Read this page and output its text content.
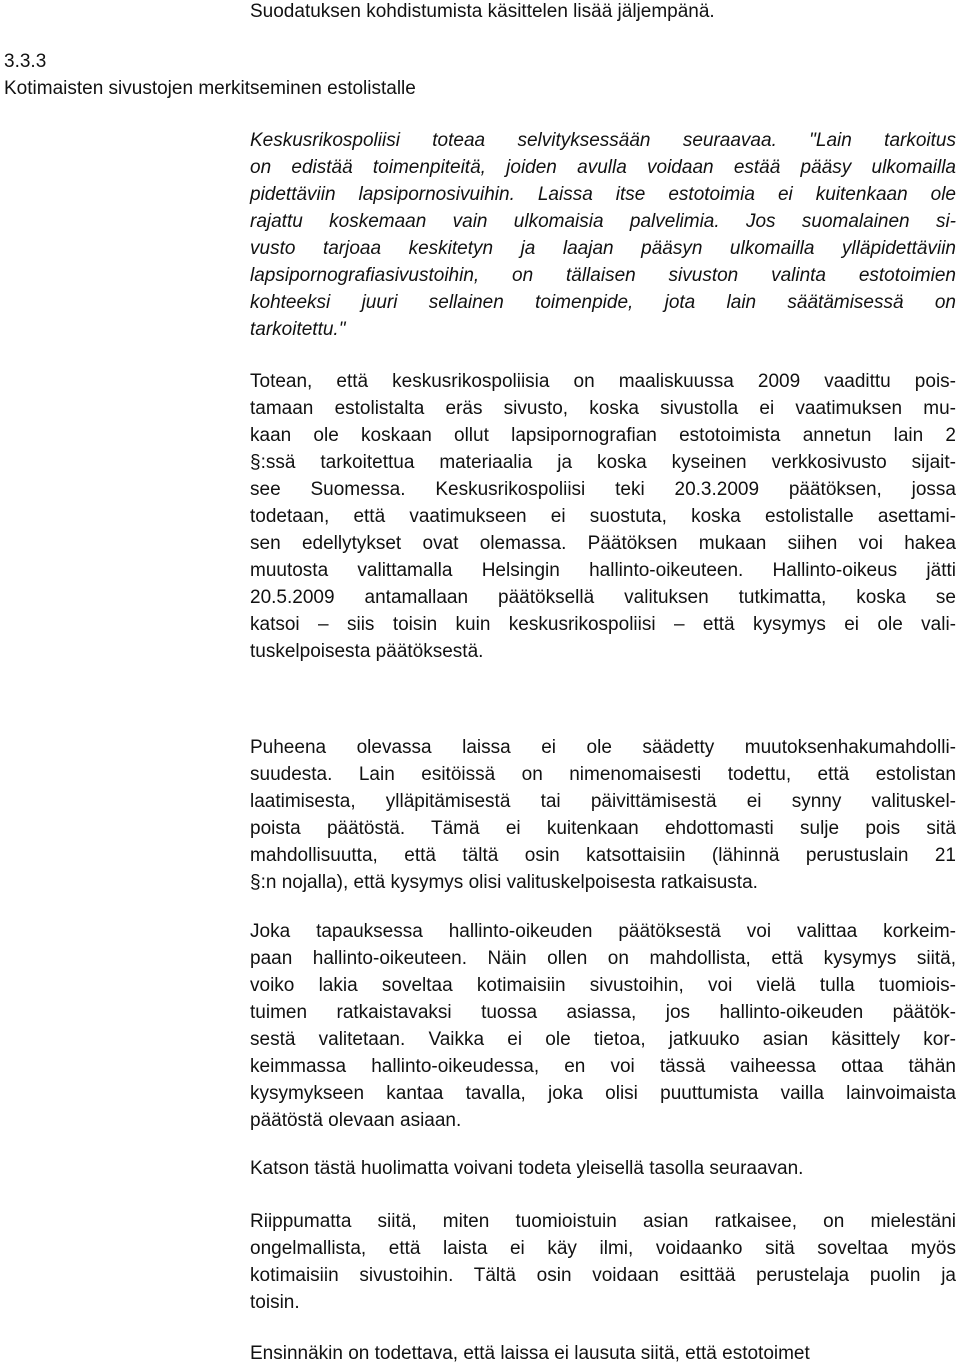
Suodatuksen kohdistumista käsittelen lisää jäljempänä.

3.3.3
Kotimaisten sivustojen merkitseminen estolistalle

Keskusrikospoliisi toteaa selvityksessään seuraavaa. "Lain tarkoitus
on edistää toimenpiteitä, joiden avulla voidaan estää pääsy ulkomailla
pidettäviin lapsipornosivuihin. Laissa itse estotoimia ei kuitenkaan ole
rajattu koskemaan vain ulkomaisia palvelimia. Jos suomalainen si-
vusto tarjoaa keskitetyn ja laajan pääsyn ulkomailla ylläpidettäviin
lapsipornografiasivustoihin, on tällaisen sivuston valinta estotoimien
kohteeksi juuri sellainen toimenpide, jota lain säätämisessä on
tarkoitettu."

Totean, että keskusrikospoliisia on maaliskuussa 2009 vaadittu pois-
tamaan estolistalta eräs sivusto, koska sivustolla ei vaatimuksen mu-
kaan ole koskaan ollut lapsipornografian estotoimista annetun lain 2
§:ssä tarkoitettua materiaalia ja koska kyseinen verkkosivusto sijait-
see Suomessa. Keskusrikospoliisi teki 20.3.2009 päätöksen, jossa
todetaan, että vaatimukseen ei suostuta, koska estolistalle asettami-
sen edellytykset ovat olemassa. Päätöksen mukaan siihen voi hakea
muutosta valittamalla Helsingin hallinto-oikeuteen. Hallinto-oikeus jätti
20.5.2009 antamallaan päätöksellä valituksen tutkimatta, koska se
katsoi – siis toisin kuin keskusrikospoliisi – että kysymys ei ole vali-
tuskelpoisesta päätöksestä.

Puheena olevassa laissa ei ole säädetty muutoksenhakumahdolli-
suudesta. Lain esitöissä on nimenomaisesti todettu, että estolistan
laatimisesta, ylläpitämisestä tai päivittämisestä ei synny valituskel-
poista päätöstä. Tämä ei kuitenkaan ehdottomasti sulje pois sitä
mahdollisuutta, että tältä osin katsottaisiin (lähinnä perustuslain 21
§:n nojalla), että kysymys olisi valituskelpoisesta ratkaisusta.

Joka tapauksessa hallinto-oikeuden päätöksestä voi valittaa korkeim-
paan hallinto-oikeuteen. Näin ollen on mahdollista, että kysymys siitä,
voiko lakia soveltaa kotimaisiin sivustoihin, voi vielä tulla tuomiois-
tuimen ratkaistavaksi tuossa asiassa, jos hallinto-oikeuden päätök-
sestä valitetaan. Vaikka ei ole tietoa, jatkuuko asian käsittely kor-
keimmassa hallinto-oikeudessa, en voi tässä vaiheessa ottaa tähän
kysymykseen kantaa tavalla, joka olisi puuttumista vailla lainvoimaista
päätöstä olevaan asiaan.

Katson tästä huolimatta voivani todeta yleisellä tasolla seuraavan.

Riippumatta siitä, miten tuomioistuin asian ratkaisee, on mielestäni
ongelmallista, että laista ei käy ilmi, voidaanko sitä soveltaa myös
kotimaisiin sivustoihin. Tältä osin voidaan esittää perustelaja puolin ja
toisin.

Ensinnäkin on todettava, että laissa ei lausuta siitä, että estotoimet
